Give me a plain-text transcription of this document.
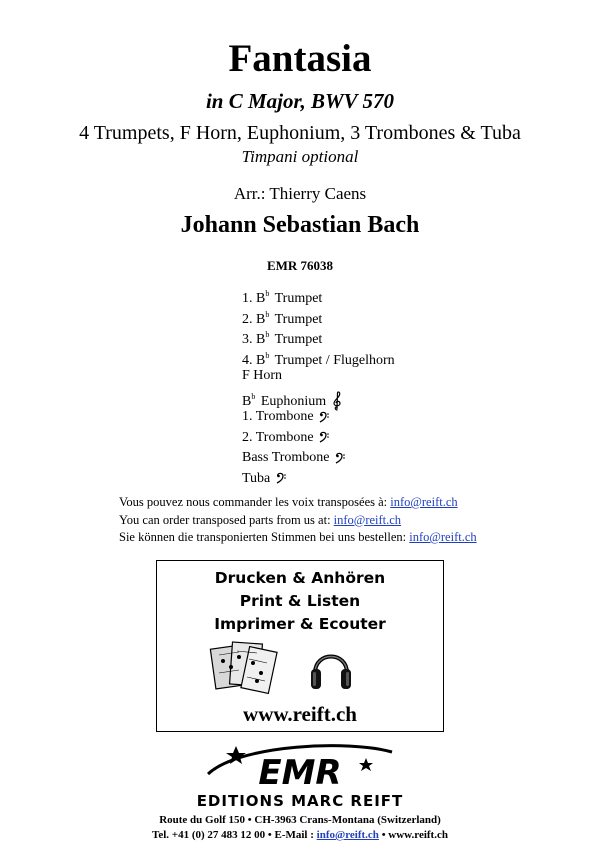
Fantasia
in C Major, BWV 570
4 Trumpets, F Horn, Euphonium, 3 Trombones & Tuba
Timpani optional
Arr.: Thierry Caens
Johann Sebastian Bach
EMR 76038
1. $B^b$ Trumpet
2. $B^b$ Trumpet
3. $B^b$ Trumpet
4. $B^b$ Trumpet / Flugelhorn
F Horn
$B^b$ Euphonium
1. Trombone
2. Trombone
Bass Trombone
Tuba
Vous pouvez nous commander les voix transposées à: info@reift.ch
You can order transposed parts from us at: info@reift.ch
Sie können die transponierten Stimmen bei uns bestellen: info@reift.ch
Drucken & Anhören
Print & Listen
Imprimer & Ecouter
www.reift.ch
EMR
EDITIONS MARC REIFT
Route du Golf 150 • CH-3963 Crans-Montana (Switzerland)
Tel. +41 (0) 27 483 12 00 • E-Mail : info@reift.ch • www.reift.ch
